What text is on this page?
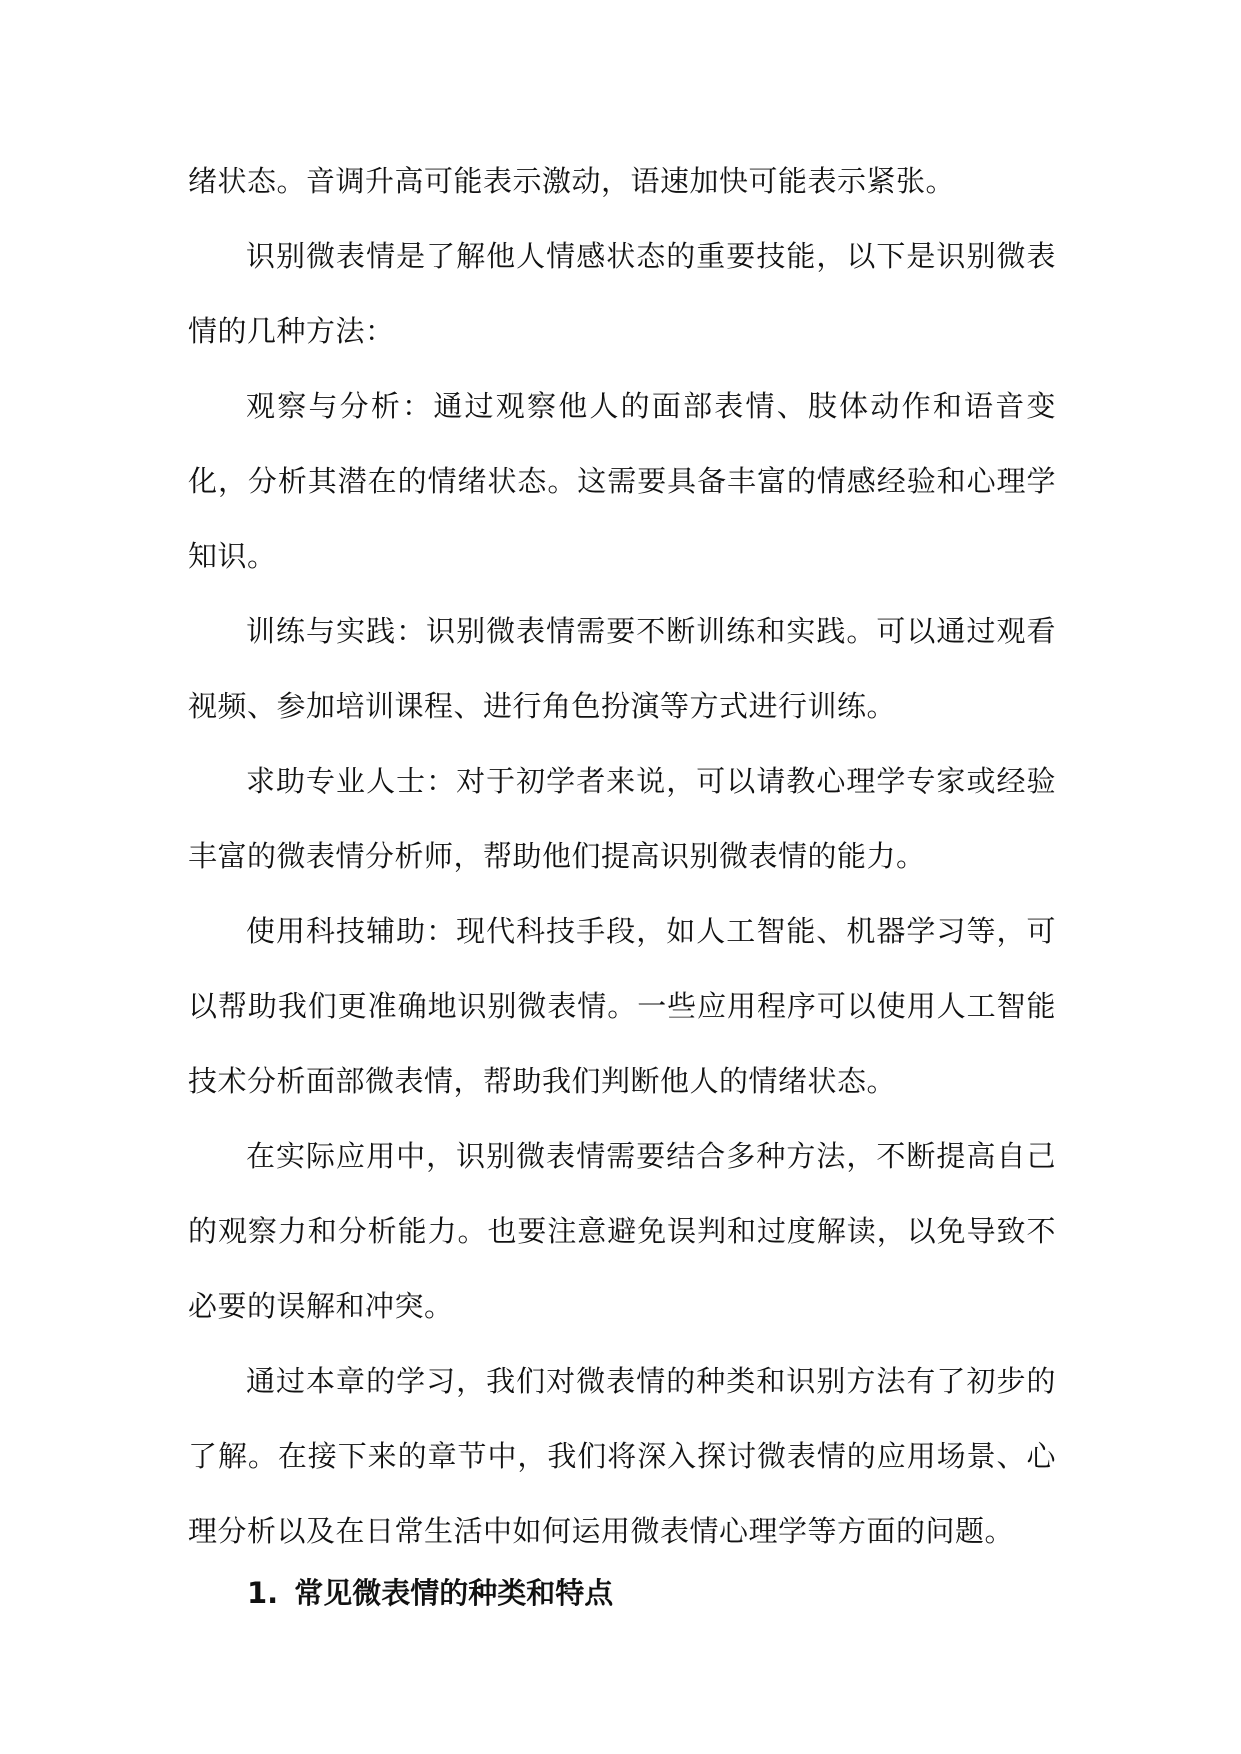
绪状态。音调升高可能表示激动，语速加快可能表示紧张。

识别微表情是了解他人情感状态的重要技能，以下是识别微表情的几种方法：

观察与分析：通过观察他人的面部表情、肢体动作和语音变化，分析其潜在的情绪状态。这需要具备丰富的情感经验和心理学知识。

训练与实践：识别微表情需要不断训练和实践。可以通过观看视频、参加培训课程、进行角色扮演等方式进行训练。

求助专业人士：对于初学者来说，可以请教心理学专家或经验丰富的微表情分析师，帮助他们提高识别微表情的能力。

使用科技辅助：现代科技手段，如人工智能、机器学习等，可以帮助我们更准确地识别微表情。一些应用程序可以使用人工智能技术分析面部微表情，帮助我们判断他人的情绪状态。

在实际应用中，识别微表情需要结合多种方法，不断提高自己的观察力和分析能力。也要注意避免误判和过度解读，以免导致不必要的误解和冲突。

通过本章的学习，我们对微表情的种类和识别方法有了初步的了解。在接下来的章节中，我们将深入探讨微表情的应用场景、心理分析以及在日常生活中如何运用微表情心理学等方面的问题。

1. 常见微表情的种类和特点
